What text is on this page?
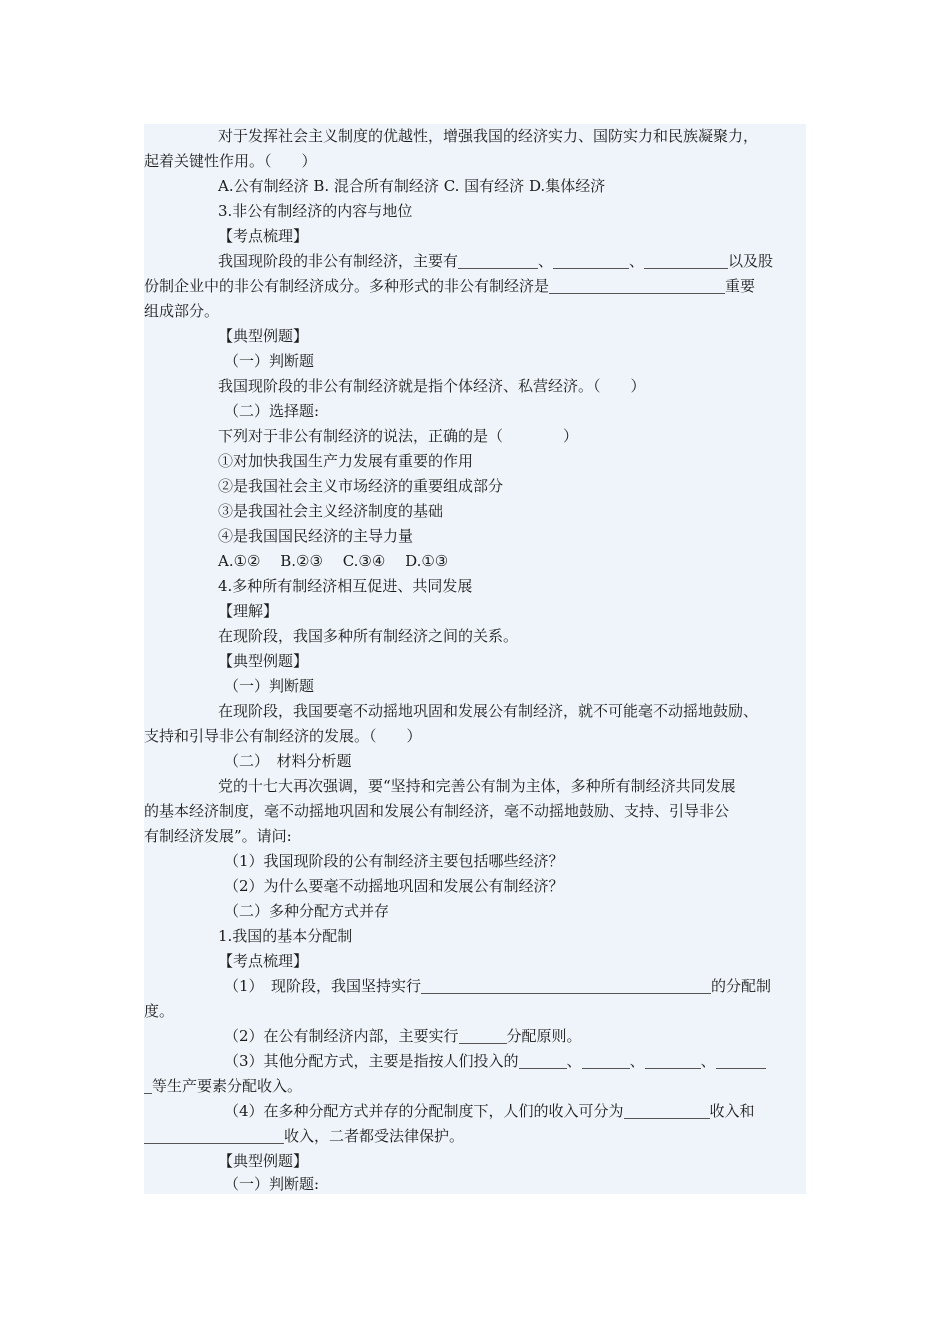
对于发挥社会主义制度的优越性，增强我国的经济实力、国防实力和民族凝聚力，
起着关键性作用。（　　）
A.公有制经济 B. 混合所有制经济 C. 国有经济 D.集体经济
3.非公有制经济的内容与地位
【考点梳理】
我国现阶段的非公有制经济，主要有	、	、	以及股
份制企业中的非公有制经济成分。多种形式的非公有制经济是	重要
组成部分。
【典型例题】
（一）判断题
我国现阶段的非公有制经济就是指个体经济、私营经济。（　　）
（二）选择题:
下列对于非公有制经济的说法，正确的是（　　　　）
①对加快我国生产力发展有重要的作用
②是我国社会主义市场经济的重要组成部分
③是我国社会主义经济制度的基础
④是我国国民经济的主导力量
A.①②　 B.②③　 C.③④　 D.①③
4.多种所有制经济相互促进、共同发展
【理解】
在现阶段，我国多种所有制经济之间的关系。
【典型例题】
（一）判断题
在现阶段，我国要毫不动摇地巩固和发展公有制经济，就不可能毫不动摇地鼓励、
支持和引导非公有制经济的发展。（　　）
（二）　材料分析题
党的十七大再次强调，要“坚持和完善公有制为主体，多种所有制经济共同发展
的基本经济制度，毫不动摇地巩固和发展公有制经济，毫不动摇地鼓励、支持、引导非公
有制经济发展”。请问:
（1）我国现阶段的公有制经济主要包括哪些经济？
（2）为什么要毫不动摇地巩固和发展公有制经济？
（二）多种分配方式并存
1.我国的基本分配制
【考点梳理】
（1）　现阶段，我国坚持实行	的分配制
度。
（2）在公有制经济内部，主要实行	分配原则。
（3）其他分配方式，主要是指按人们投入的	、	、	、
等生产要素分配收入。
（4）在多种分配方式并存的分配制度下，人们的收入可分为	收入和
收入，二者都受法律保护。
【典型例题】
（一）判断题:
